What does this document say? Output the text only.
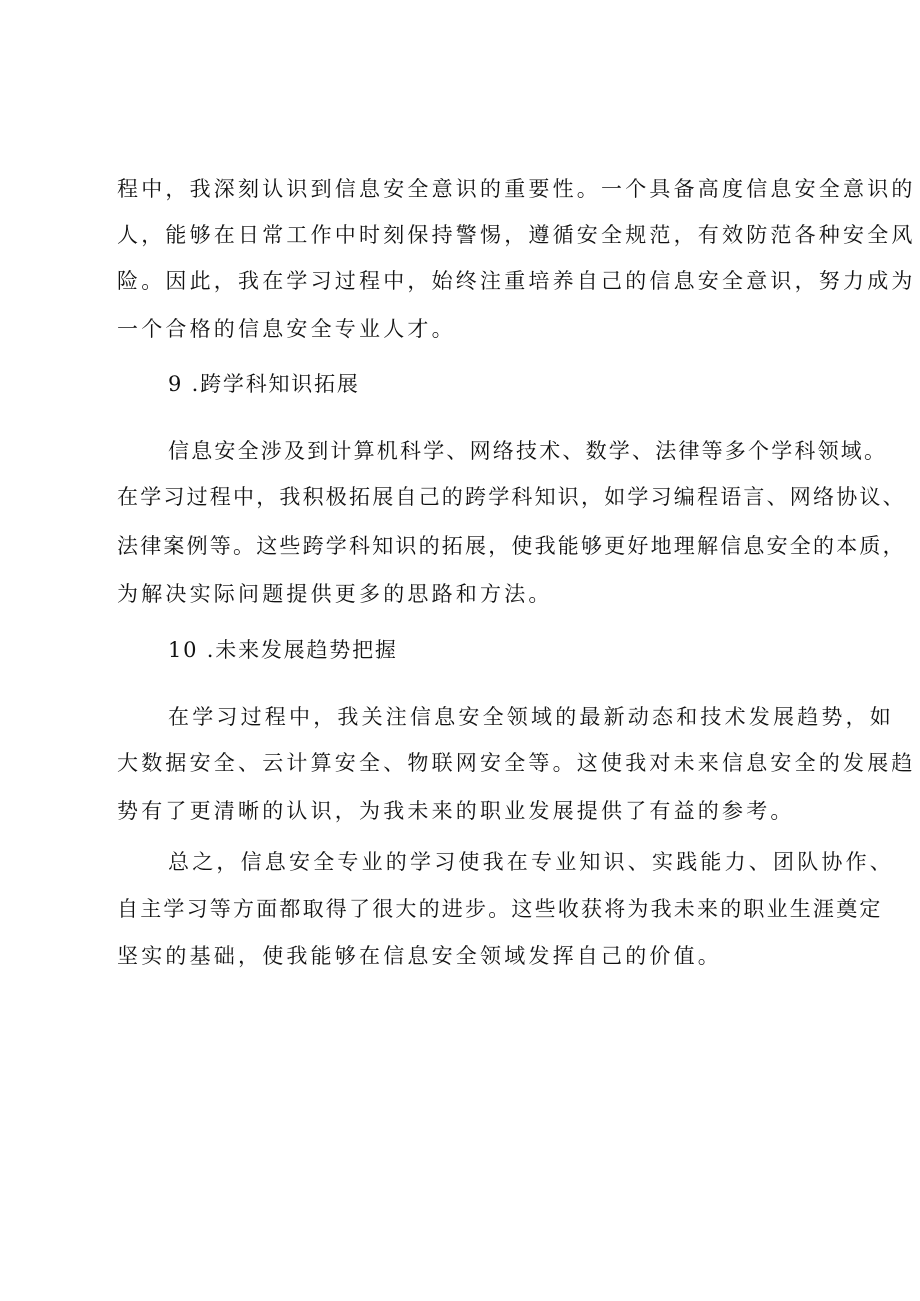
程中，我深刻认识到信息安全意识的重要性。一个具备高度信息安全意识的
人，能够在日常工作中时刻保持警惕，遵循安全规范，有效防范各种安全风
险。因此，我在学习过程中，始终注重培养自己的信息安全意识，努力成为
一个合格的信息安全专业人才。
9 .跨学科知识拓展
信息安全涉及到计算机科学、网络技术、数学、法律等多个学科领域。
在学习过程中，我积极拓展自己的跨学科知识，如学习编程语言、网络协议、
法律案例等。这些跨学科知识的拓展，使我能够更好地理解信息安全的本质，
为解决实际问题提供更多的思路和方法。
10 .未来发展趋势把握
在学习过程中，我关注信息安全领域的最新动态和技术发展趋势，如
大数据安全、云计算安全、物联网安全等。这使我对未来信息安全的发展趋
势有了更清晰的认识，为我未来的职业发展提供了有益的参考。
总之，信息安全专业的学习使我在专业知识、实践能力、团队协作、
自主学习等方面都取得了很大的进步。这些收获将为我未来的职业生涯奠定
坚实的基础，使我能够在信息安全领域发挥自己的价值。
